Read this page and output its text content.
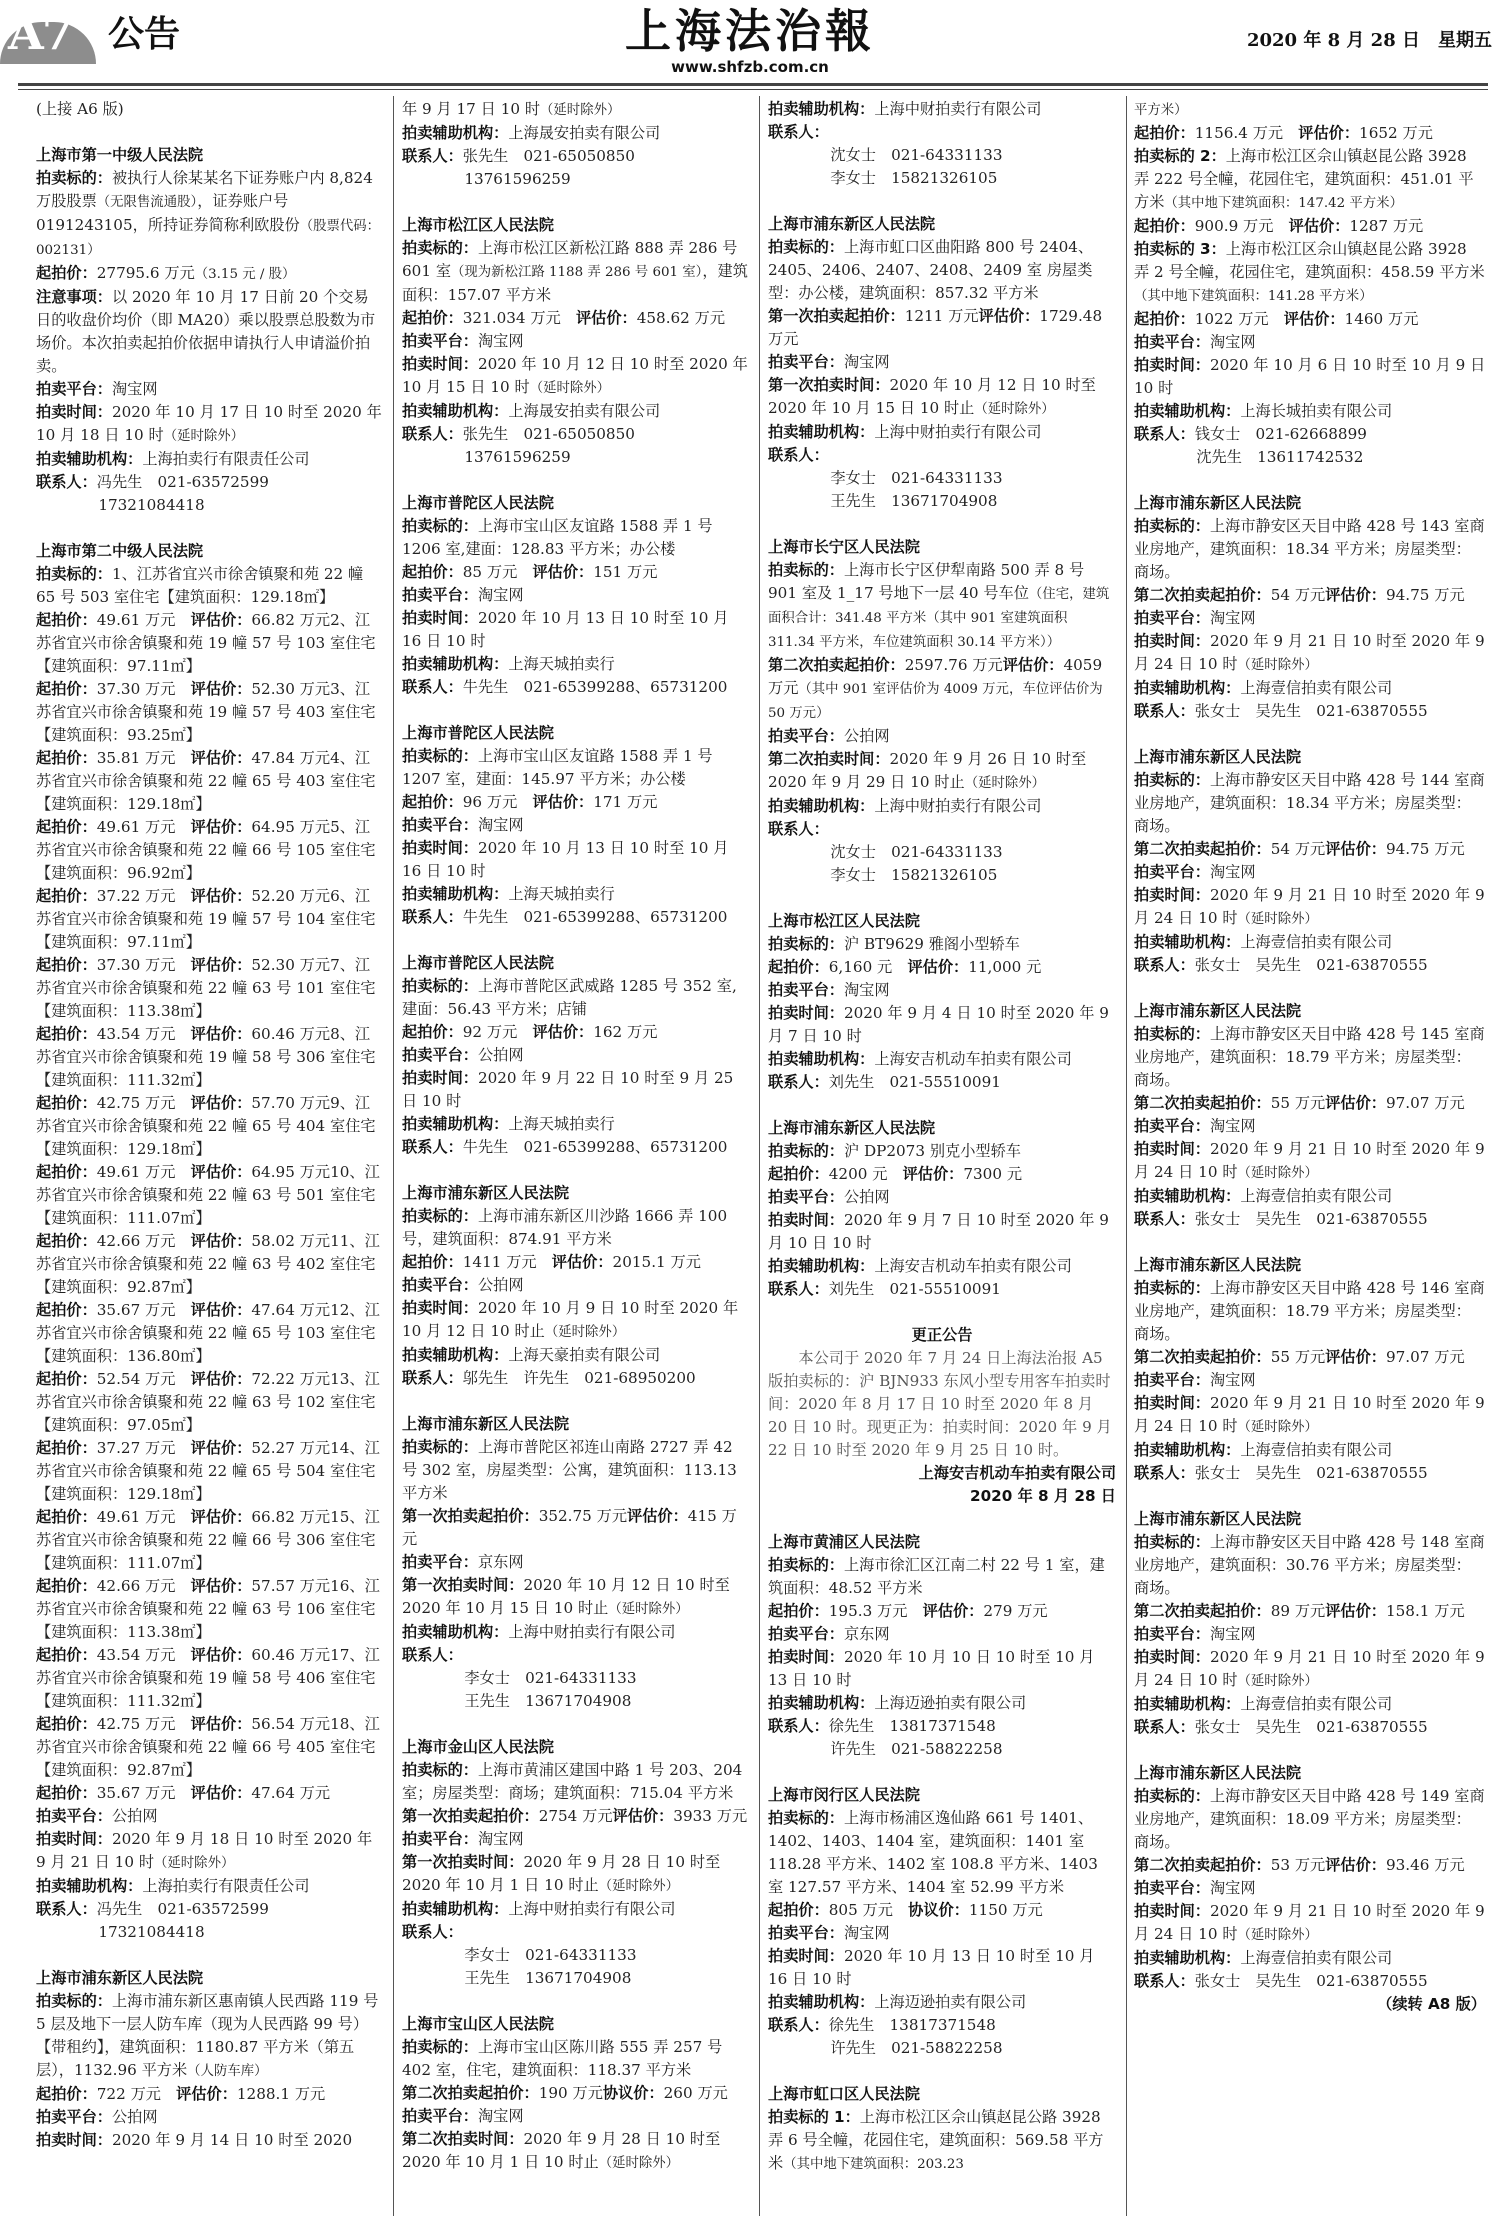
A7 公告	上海法治報
www.shfzb.com.cn
2020 年 8 月 28 日　星期五

(上接 A6 版)

上海市第一中级人民法院

拍卖标的：被执行人徐某某名下证券账户内 8,824 万股股票（无限售流通股），证券账户号 0191243105，所持证券简称利欧股份（股票代码：002131）

起拍价：27795.6 万元（3.15 元 / 股）

注意事项：以 2020 年 10 月 17 日前 20 个交易日的收盘价均价（即 MA20）乘以股票总股数为市场价。本次拍卖起拍价依据申请执行人申请溢价拍卖。

拍卖平台：淘宝网

拍卖时间：2020 年 10 月 17 日 10 时至 2020 年 10 月 18 日 10 时（延时除外）

拍卖辅助机构：上海拍卖行有限责任公司

联系人：冯先生　021-63572599

17321084418

上海市第二中级人民法院

拍卖标的：1、江苏省宜兴市徐舍镇聚和苑 22 幢 65 号 503 室住宅【建筑面积：129.18㎡】

起拍价：49.61 万元　评估价：66.82 万元2、江苏省宜兴市徐舍镇聚和苑 19 幢 57 号 103 室住宅【建筑面积：97.11㎡】

起拍价：37.30 万元　评估价：52.30 万元3、江苏省宜兴市徐舍镇聚和苑 19 幢 57 号 403 室住宅【建筑面积：93.25㎡】

起拍价：35.81 万元　评估价：47.84 万元4、江苏省宜兴市徐舍镇聚和苑 22 幢 65 号 403 室住宅【建筑面积：129.18㎡】

起拍价：49.61 万元　评估价：64.95 万元5、江苏省宜兴市徐舍镇聚和苑 22 幢 66 号 105 室住宅【建筑面积：96.92㎡】

起拍价：37.22 万元　评估价：52.20 万元6、江苏省宜兴市徐舍镇聚和苑 19 幢 57 号 104 室住宅【建筑面积：97.11㎡】

起拍价：37.30 万元　评估价：52.30 万元7、江苏省宜兴市徐舍镇聚和苑 22 幢 63 号 101 室住宅【建筑面积：113.38㎡】

起拍价：43.54 万元　评估价：60.46 万元8、江苏省宜兴市徐舍镇聚和苑 19 幢 58 号 306 室住宅【建筑面积：111.32㎡】

起拍价：42.75 万元　评估价：57.70 万元9、江苏省宜兴市徐舍镇聚和苑 22 幢 65 号 404 室住宅【建筑面积：129.18㎡】

起拍价：49.61 万元　评估价：64.95 万元10、江苏省宜兴市徐舍镇聚和苑 22 幢 63 号 501 室住宅【建筑面积：111.07㎡】

起拍价：42.66 万元　评估价：58.02 万元11、江苏省宜兴市徐舍镇聚和苑 22 幢 63 号 402 室住宅【建筑面积：92.87㎡】

起拍价：35.67 万元　评估价：47.64 万元12、江苏省宜兴市徐舍镇聚和苑 22 幢 65 号 103 室住宅【建筑面积：136.80㎡】

起拍价：52.54 万元　评估价：72.22 万元13、江苏省宜兴市徐舍镇聚和苑 22 幢 63 号 102 室住宅【建筑面积：97.05㎡】

起拍价：37.27 万元　评估价：52.27 万元14、江苏省宜兴市徐舍镇聚和苑 22 幢 65 号 504 室住宅【建筑面积：129.18㎡】

起拍价：49.61 万元　评估价：66.82 万元15、江苏省宜兴市徐舍镇聚和苑 22 幢 66 号 306 室住宅【建筑面积：111.07㎡】

起拍价：42.66 万元　评估价：57.57 万元16、江苏省宜兴市徐舍镇聚和苑 22 幢 63 号 106 室住宅【建筑面积：113.38㎡】

起拍价：43.54 万元　评估价：60.46 万元17、江苏省宜兴市徐舍镇聚和苑 19 幢 58 号 406 室住宅【建筑面积：111.32㎡】

起拍价：42.75 万元　评估价：56.54 万元18、江苏省宜兴市徐舍镇聚和苑 22 幢 66 号 405 室住宅【建筑面积：92.87㎡】

起拍价：35.67 万元　评估价：47.64 万元

拍卖平台：公拍网

拍卖时间：2020 年 9 月 18 日 10 时至 2020 年 9 月 21 日 10 时（延时除外）

拍卖辅助机构：上海拍卖行有限责任公司

联系人：冯先生　021-63572599

17321084418

上海市浦东新区人民法院

拍卖标的：上海市浦东新区惠南镇人民西路 119 号 5 层及地下一层人防车库（现为人民西路 99 号）【带租约】，建筑面积：1180.87 平方米（第五层），1132.96 平方米（人防车库）

起拍价：722 万元　评估价：1288.1 万元

拍卖平台：公拍网

拍卖时间：2020 年 9 月 14 日 10 时至 2020

年 9 月 17 日 10 时（延时除外）

拍卖辅助机构：上海晟安拍卖有限公司

联系人：张先生　021-65050850

13761596259

上海市松江区人民法院

拍卖标的：上海市松江区新松江路 888 弄 286 号 601 室（现为新松江路 1188 弄 286 号 601 室），建筑面积：157.07 平方米

起拍价：321.034 万元　评估价：458.62 万元

拍卖平台：淘宝网

拍卖时间：2020 年 10 月 12 日 10 时至 2020 年 10 月 15 日 10 时（延时除外）

拍卖辅助机构：上海晟安拍卖有限公司

联系人：张先生　021-65050850

13761596259

上海市普陀区人民法院

拍卖标的：上海市宝山区友谊路 1588 弄 1 号 1206 室,建面：128.83 平方米；办公楼

起拍价：85 万元　评估价：151 万元

拍卖平台：淘宝网

拍卖时间：2020 年 10 月 13 日 10 时至 10 月 16 日 10 时

拍卖辅助机构：上海天城拍卖行

联系人：牛先生　021-65399288、65731200

上海市普陀区人民法院

拍卖标的：上海市宝山区友谊路 1588 弄 1 号 1207 室，建面：145.97 平方米；办公楼

起拍价：96 万元　评估价：171 万元

拍卖平台：淘宝网

拍卖时间：2020 年 10 月 13 日 10 时至 10 月 16 日 10 时

拍卖辅助机构：上海天城拍卖行

联系人：牛先生　021-65399288、65731200

上海市普陀区人民法院

拍卖标的：上海市普陀区武威路 1285 号 352 室,建面：56.43 平方米；店铺

起拍价：92 万元　评估价：162 万元

拍卖平台：公拍网

拍卖时间：2020 年 9 月 22 日 10 时至 9 月 25 日 10 时

拍卖辅助机构：上海天城拍卖行

联系人：牛先生　021-65399288、65731200

上海市浦东新区人民法院

拍卖标的：上海市浦东新区川沙路 1666 弄 100 号，建筑面积：874.91 平方米

起拍价：1411 万元　评估价：2015.1 万元

拍卖平台：公拍网

拍卖时间：2020 年 10 月 9 日 10 时至 2020 年 10 月 12 日 10 时止（延时除外）

拍卖辅助机构：上海天豪拍卖有限公司

联系人：邬先生　许先生　021-68950200

上海市浦东新区人民法院

拍卖标的：上海市普陀区祁连山南路 2727 弄 42 号 302 室，房屋类型：公寓，建筑面积：113.13 平方米

第一次拍卖起拍价：352.75 万元评估价：415 万元

拍卖平台：京东网

第一次拍卖时间：2020 年 10 月 12 日 10 时至 2020 年 10 月 15 日 10 时止（延时除外）

拍卖辅助机构：上海中财拍卖行有限公司

联系人：

李女士　021-64331133

王先生　13671704908

上海市金山区人民法院

拍卖标的：上海市黄浦区建国中路 1 号 203、204 室；房屋类型：商场；建筑面积：715.04 平方米

第一次拍卖起拍价：2754 万元评估价：3933 万元

拍卖平台：淘宝网

第一次拍卖时间：2020 年 9 月 28 日 10 时至 2020 年 10 月 1 日 10 时止（延时除外）

拍卖辅助机构：上海中财拍卖行有限公司

联系人：

李女士　021-64331133

王先生　13671704908

上海市宝山区人民法院

拍卖标的：上海市宝山区陈川路 555 弄 257 号 402 室，住宅，建筑面积：118.37 平方米

第二次拍卖起拍价：190 万元协议价：260 万元

拍卖平台：淘宝网

第二次拍卖时间：2020 年 9 月 28 日 10 时至 2020 年 10 月 1 日 10 时止（延时除外）

拍卖辅助机构：上海中财拍卖行有限公司

联系人：

沈女士　021-64331133

李女士　15821326105

上海市浦东新区人民法院

拍卖标的：上海市虹口区曲阳路 800 号 2404、2405、2406、2407、2408、2409 室 房屋类型：办公楼，建筑面积：857.32 平方米

第一次拍卖起拍价：1211 万元评估价：1729.48 万元

拍卖平台：淘宝网

第一次拍卖时间：2020 年 10 月 12 日 10 时至 2020 年 10 月 15 日 10 时止（延时除外）

拍卖辅助机构：上海中财拍卖行有限公司

联系人：

李女士　021-64331133

王先生　13671704908

上海市长宁区人民法院

拍卖标的：上海市长宁区伊犁南路 500 弄 8 号 901 室及 1_17 号地下一层 40 号车位（住宅，建筑面积合计：341.48 平方米（其中 901 室建筑面积 311.34 平方米，车位建筑面积 30.14 平方米））

第二次拍卖起拍价：2597.76 万元评估价：4059 万元（其中 901 室评估价为 4009 万元，车位评估价为 50 万元）

拍卖平台：公拍网

第二次拍卖时间：2020 年 9 月 26 日 10 时至 2020 年 9 月 29 日 10 时止（延时除外）

拍卖辅助机构：上海中财拍卖行有限公司

联系人：

沈女士　021-64331133

李女士　15821326105

上海市松江区人民法院

拍卖标的：沪 BT9629 雅阁小型轿车

起拍价：6,160 元　评估价：11,000 元

拍卖平台：淘宝网

拍卖时间：2020 年 9 月 4 日 10 时至 2020 年 9 月 7 日 10 时

拍卖辅助机构：上海安吉机动车拍卖有限公司

联系人：刘先生　021-55510091

上海市浦东新区人民法院

拍卖标的：沪 DP2073 别克小型轿车

起拍价：4200 元　评估价：7300 元

拍卖平台：公拍网

拍卖时间：2020 年 9 月 7 日 10 时至 2020 年 9 月 10 日 10 时

拍卖辅助机构：上海安吉机动车拍卖有限公司

联系人：刘先生　021-55510091

更正公告

本公司于 2020 年 7 月 24 日上海法治报 A5 版拍卖标的：沪 BJN933 东风小型专用客车拍卖时间：2020 年 8 月 17 日 10 时至 2020 年 8 月 20 日 10 时。现更正为：拍卖时间：2020 年 9 月 22 日 10 时至 2020 年 9 月 25 日 10 时。

上海安吉机动车拍卖有限公司

2020 年 8 月 28 日

上海市黄浦区人民法院

拍卖标的：上海市徐汇区江南二村 22 号 1 室，建筑面积：48.52 平方米

起拍价：195.3 万元　评估价：279 万元

拍卖平台：京东网

拍卖时间：2020 年 10 月 10 日 10 时至 10 月 13 日 10 时

拍卖辅助机构：上海迈逊拍卖有限公司

联系人：徐先生　13817371548

许先生　021-58822258

上海市闵行区人民法院

拍卖标的：上海市杨浦区逸仙路 661 号 1401、1402、1403、1404 室，建筑面积：1401 室 118.28 平方米、1402 室 108.8 平方米、1403 室 127.57 平方米、1404 室 52.99 平方米

起拍价：805 万元　协议价：1150 万元

拍卖平台：淘宝网

拍卖时间：2020 年 10 月 13 日 10 时至 10 月 16 日 10 时

拍卖辅助机构：上海迈逊拍卖有限公司

联系人：徐先生　13817371548

许先生　021-58822258

上海市虹口区人民法院

拍卖标的 1：上海市松江区佘山镇赵昆公路 3928 弄 6 号全幢，花园住宅，建筑面积：569.58 平方米（其中地下建筑面积：203.23

平方米）

起拍价：1156.4 万元　评估价：1652 万元

拍卖标的 2：上海市松江区佘山镇赵昆公路 3928 弄 222 号全幢，花园住宅，建筑面积：451.01 平方米（其中地下建筑面积：147.42 平方米）

起拍价：900.9 万元　评估价：1287 万元

拍卖标的 3：上海市松江区佘山镇赵昆公路 3928 弄 2 号全幢，花园住宅，建筑面积：458.59 平方米（其中地下建筑面积：141.28 平方米）

起拍价：1022 万元　评估价：1460 万元

拍卖平台：淘宝网

拍卖时间：2020 年 10 月 6 日 10 时至 10 月 9 日 10 时

拍卖辅助机构：上海长城拍卖有限公司

联系人：钱女士　021-62668899

沈先生　13611742532

上海市浦东新区人民法院

拍卖标的：上海市静安区天目中路 428 号 143 室商业房地产，建筑面积：18.34 平方米；房屋类型：商场。

第二次拍卖起拍价：54 万元评估价：94.75 万元

拍卖平台：淘宝网

拍卖时间：2020 年 9 月 21 日 10 时至 2020 年 9 月 24 日 10 时（延时除外）

拍卖辅助机构：上海壹信拍卖有限公司

联系人：张女士　吴先生　021-63870555

上海市浦东新区人民法院

拍卖标的：上海市静安区天目中路 428 号 144 室商业房地产，建筑面积：18.34 平方米；房屋类型：商场。

第二次拍卖起拍价：54 万元评估价：94.75 万元

拍卖平台：淘宝网

拍卖时间：2020 年 9 月 21 日 10 时至 2020 年 9 月 24 日 10 时（延时除外）

拍卖辅助机构：上海壹信拍卖有限公司

联系人：张女士　吴先生　021-63870555

上海市浦东新区人民法院

拍卖标的：上海市静安区天目中路 428 号 145 室商业房地产，建筑面积：18.79 平方米；房屋类型：商场。

第二次拍卖起拍价：55 万元评估价：97.07 万元

拍卖平台：淘宝网

拍卖时间：2020 年 9 月 21 日 10 时至 2020 年 9 月 24 日 10 时（延时除外）

拍卖辅助机构：上海壹信拍卖有限公司

联系人：张女士　吴先生　021-63870555

上海市浦东新区人民法院

拍卖标的：上海市静安区天目中路 428 号 146 室商业房地产，建筑面积：18.79 平方米；房屋类型：商场。

第二次拍卖起拍价：55 万元评估价：97.07 万元

拍卖平台：淘宝网

拍卖时间：2020 年 9 月 21 日 10 时至 2020 年 9 月 24 日 10 时（延时除外）

拍卖辅助机构：上海壹信拍卖有限公司

联系人：张女士　吴先生　021-63870555

上海市浦东新区人民法院

拍卖标的：上海市静安区天目中路 428 号 148 室商业房地产，建筑面积：30.76 平方米；房屋类型：商场。

第二次拍卖起拍价：89 万元评估价：158.1 万元

拍卖平台：淘宝网

拍卖时间：2020 年 9 月 21 日 10 时至 2020 年 9 月 24 日 10 时（延时除外）

拍卖辅助机构：上海壹信拍卖有限公司

联系人：张女士　吴先生　021-63870555

上海市浦东新区人民法院

拍卖标的：上海市静安区天目中路 428 号 149 室商业房地产，建筑面积：18.09 平方米；房屋类型：商场。

第二次拍卖起拍价：53 万元评估价：93.46 万元

拍卖平台：淘宝网

拍卖时间：2020 年 9 月 21 日 10 时至 2020 年 9 月 24 日 10 时（延时除外）

拍卖辅助机构：上海壹信拍卖有限公司

联系人：张女士　吴先生　021-63870555

（续转 A8 版）
